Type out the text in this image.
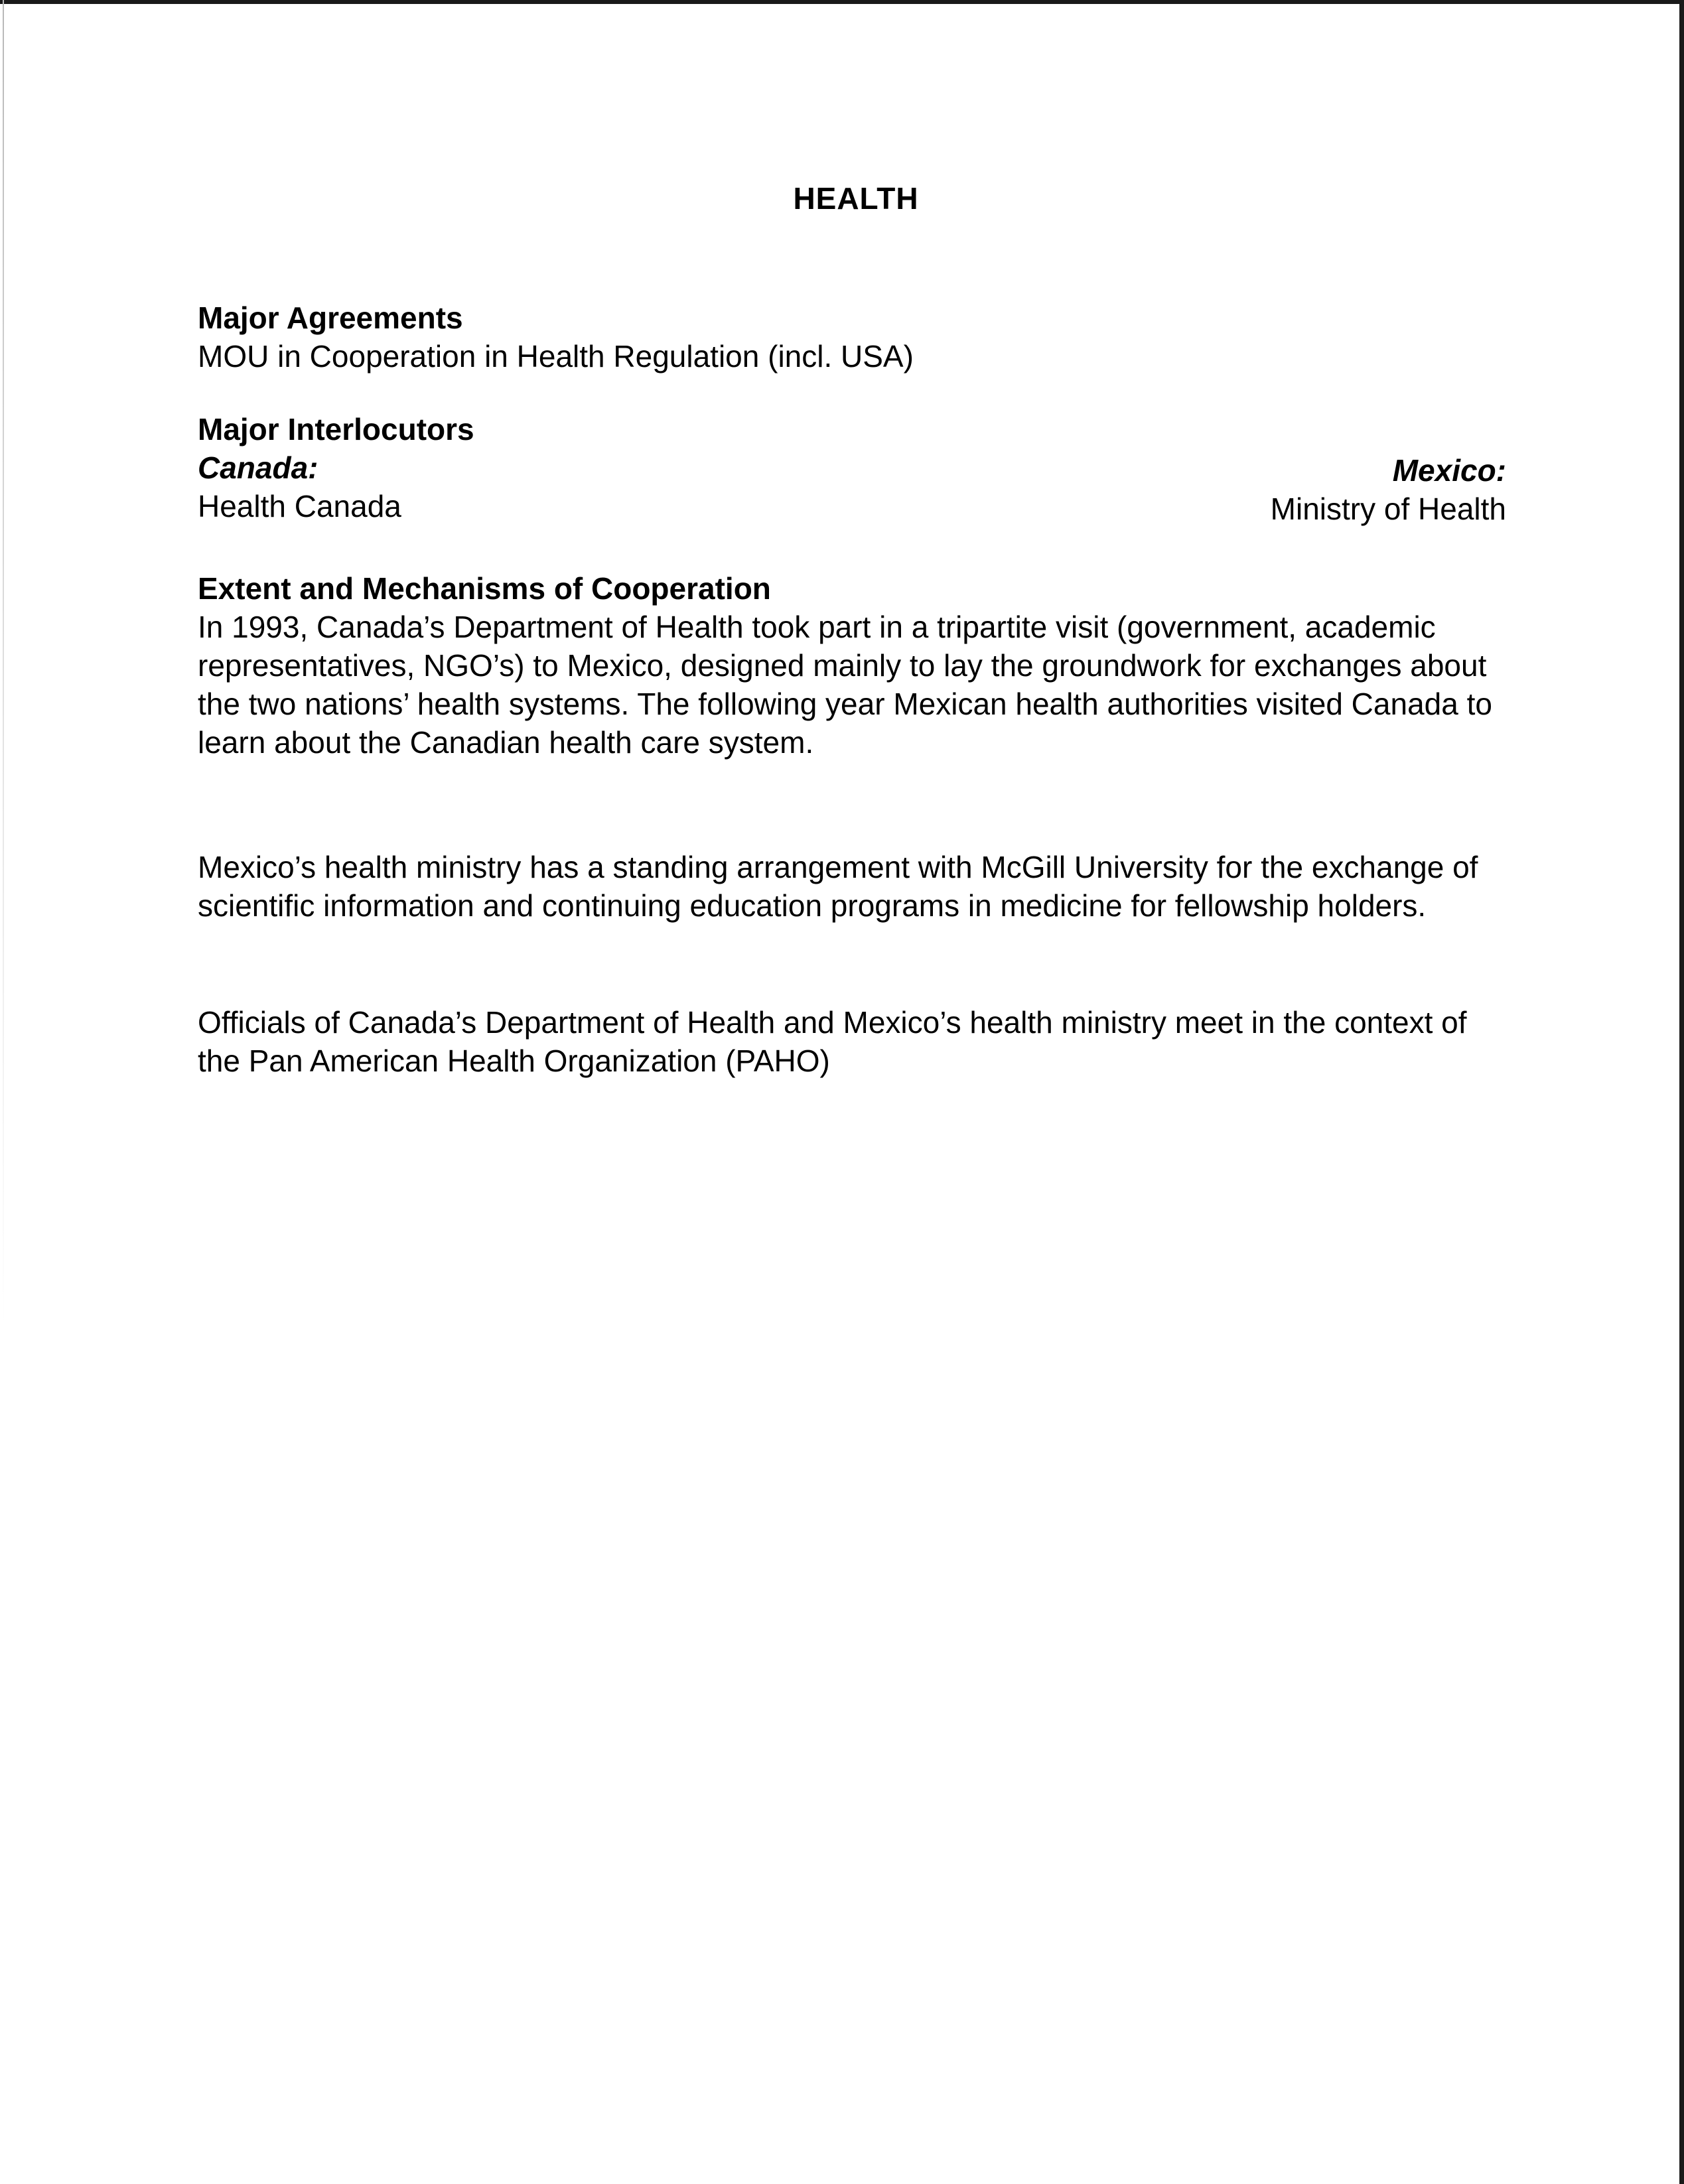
HEALTH
Major Agreements
MOU in Cooperation in Health Regulation (incl. USA)
Major Interlocutors
Canada:
Health Canada
Mexico:
Ministry of Health
Extent and Mechanisms of Cooperation

In 1993, Canada’s Department of Health took part in a tripartite visit (government, academic representatives, NGO’s) to Mexico, designed mainly to lay the groundwork for exchanges about the two nations’ health systems. The following year Mexican health authorities visited Canada to learn about the Canadian health care system.

Mexico’s health ministry has a standing arrangement with McGill University for the exchange of scientific information and continuing education programs in medicine for fellowship holders.

Officials of Canada’s Department of Health and Mexico’s health ministry meet in the context of the Pan American Health Organization (PAHO)
